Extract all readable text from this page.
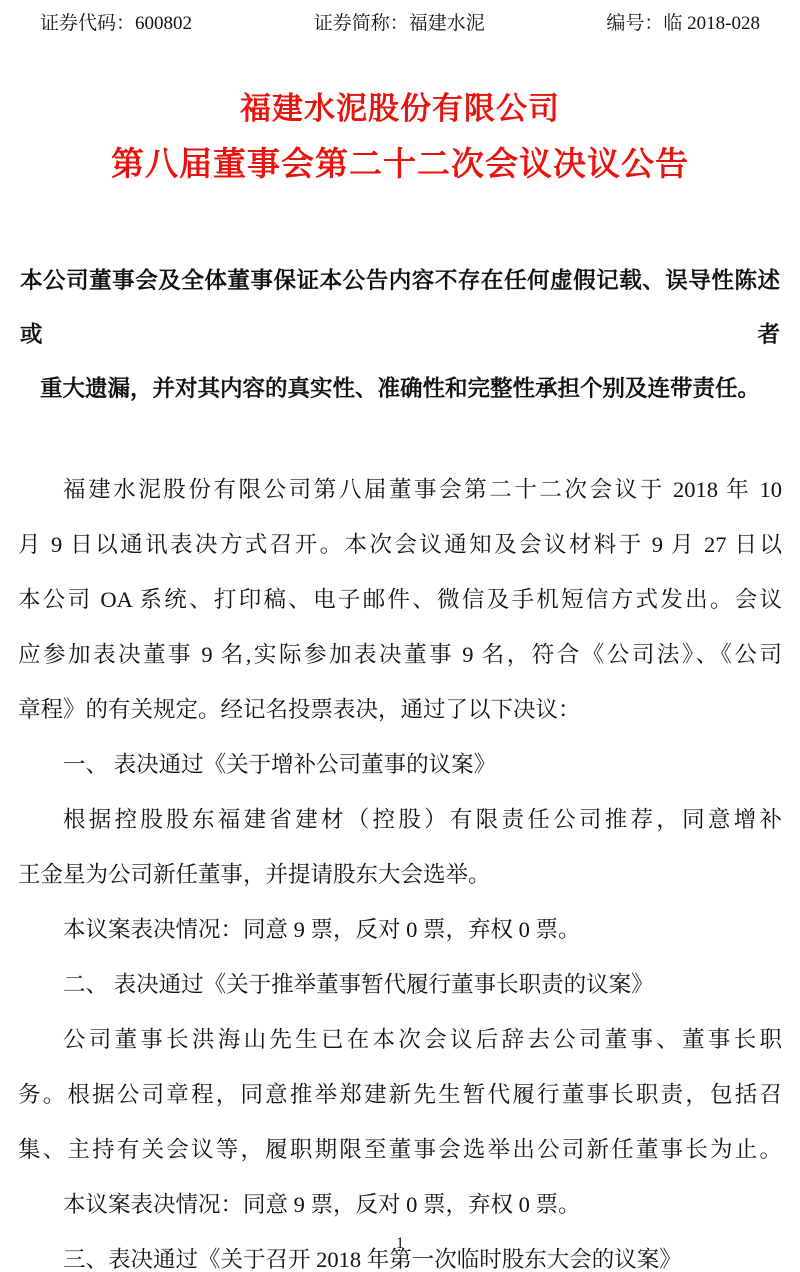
证券代码：600802	证券简称：福建水泥	编号：临 2018-028
福建水泥股份有限公司
第八届董事会第二十二次会议决议公告
本公司董事会及全体董事保证本公告内容不存在任何虚假记载、误导性陈述或者
重大遗漏，并对其内容的真实性、准确性和完整性承担个别及连带责任。
福建水泥股份有限公司第八届董事会第二十二次会议于 2018 年 10
月 9 日以通讯表决方式召开。本次会议通知及会议材料于 9 月 27 日以
本公司 OA 系统、打印稿、电子邮件、微信及手机短信方式发出。会议
应参加表决董事 9 名,实际参加表决董事 9 名，符合《公司法》、《公司
章程》的有关规定。经记名投票表决，通过了以下决议：
一、 表决通过《关于增补公司董事的议案》
根据控股股东福建省建材（控股）有限责任公司推荐，同意增补
王金星为公司新任董事，并提请股东大会选举。
本议案表决情况：同意 9 票，反对 0 票，弃权 0 票。
二、 表决通过《关于推举董事暂代履行董事长职责的议案》
公司董事长洪海山先生已在本次会议后辞去公司董事、董事长职
务。根据公司章程，同意推举郑建新先生暂代履行董事长职责，包括召
集、主持有关会议等，履职期限至董事会选举出公司新任董事长为止。
本议案表决情况：同意 9 票，反对 0 票，弃权 0 票。
三、表决通过《关于召开 2018 年第一次临时股东大会的议案》
1
